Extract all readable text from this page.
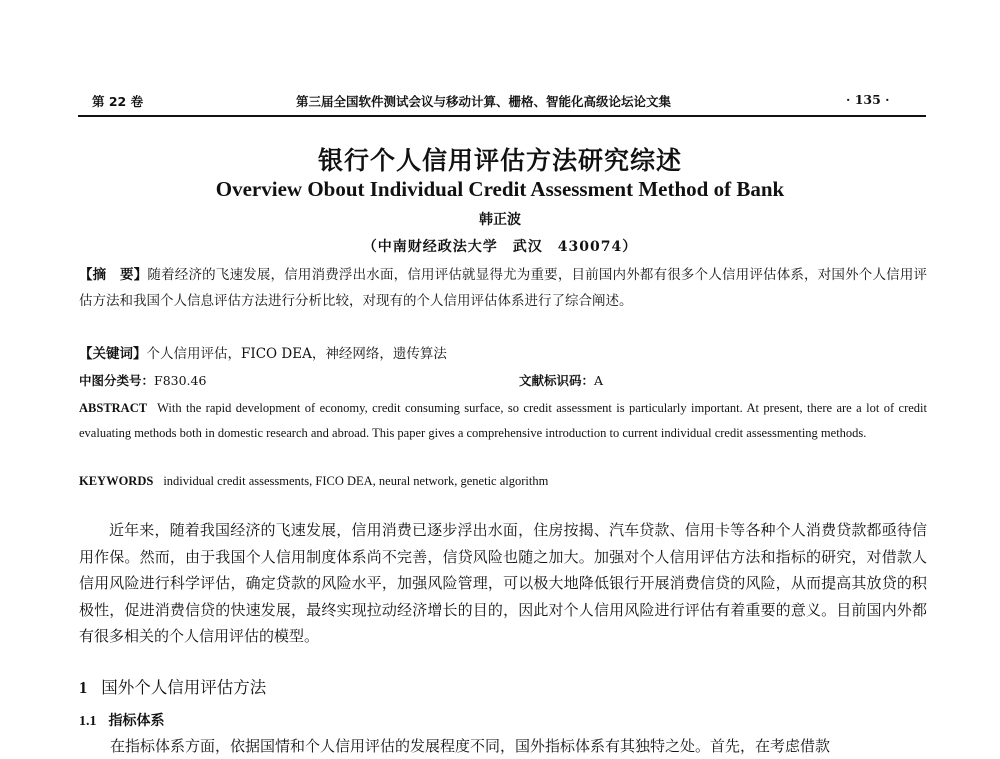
第 22 卷	第三届全国软件测试会议与移动计算、栅格、智能化高级论坛论文集	· 135 ·
银行个人信用评估方法研究综述
Overview Obout Individual Credit Assessment Method of Bank
韩正波
（中南财经政法大学　武汉　430074）
【摘　要】随着经济的飞速发展，信用消费浮出水面，信用评估就显得尤为重要，目前国内外都有很多个人信用评估体系，对国外个人信用评估方法和我国个人信息评估方法进行分析比较，对现有的个人信用评估体系进行了综合阐述。
【关键词】个人信用评估，FICO DEA，神经网络，遗传算法
中图分类号：F830.46	文献标识码：A
ABSTRACT With the rapid development of economy, credit consuming surface, so credit assessment is particularly important. At present, there are a lot of credit evaluating methods both in domestic research and abroad. This paper gives a comprehensive introduction to current individual credit assessmenting methods.
KEYWORDS individual credit assessments, FICO DEA, neural network, genetic algorithm
近年来，随着我国经济的飞速发展，信用消费已逐步浮出水面，住房按揭、汽车贷款、信用卡等各种个人消费贷款都亟待信用作保。然而，由于我国个人信用制度体系尚不完善，信贷风险也随之加大。加强对个人信用评估方法和指标的研究，对借款人信用风险进行科学评估，确定贷款的风险水平，加强风险管理，可以极大地降低银行开展消费信贷的风险，从而提高其放贷的积极性，促进消费信贷的快速发展，最终实现拉动经济增长的目的，因此对个人信用风险进行评估有着重要的意义。目前国内外都有很多相关的个人信用评估的模型。
1 国外个人信用评估方法
1.1 指标体系
在指标体系方面，依据国情和个人信用评估的发展程度不同，国外指标体系有其独特之处。首先，在考虑借款
